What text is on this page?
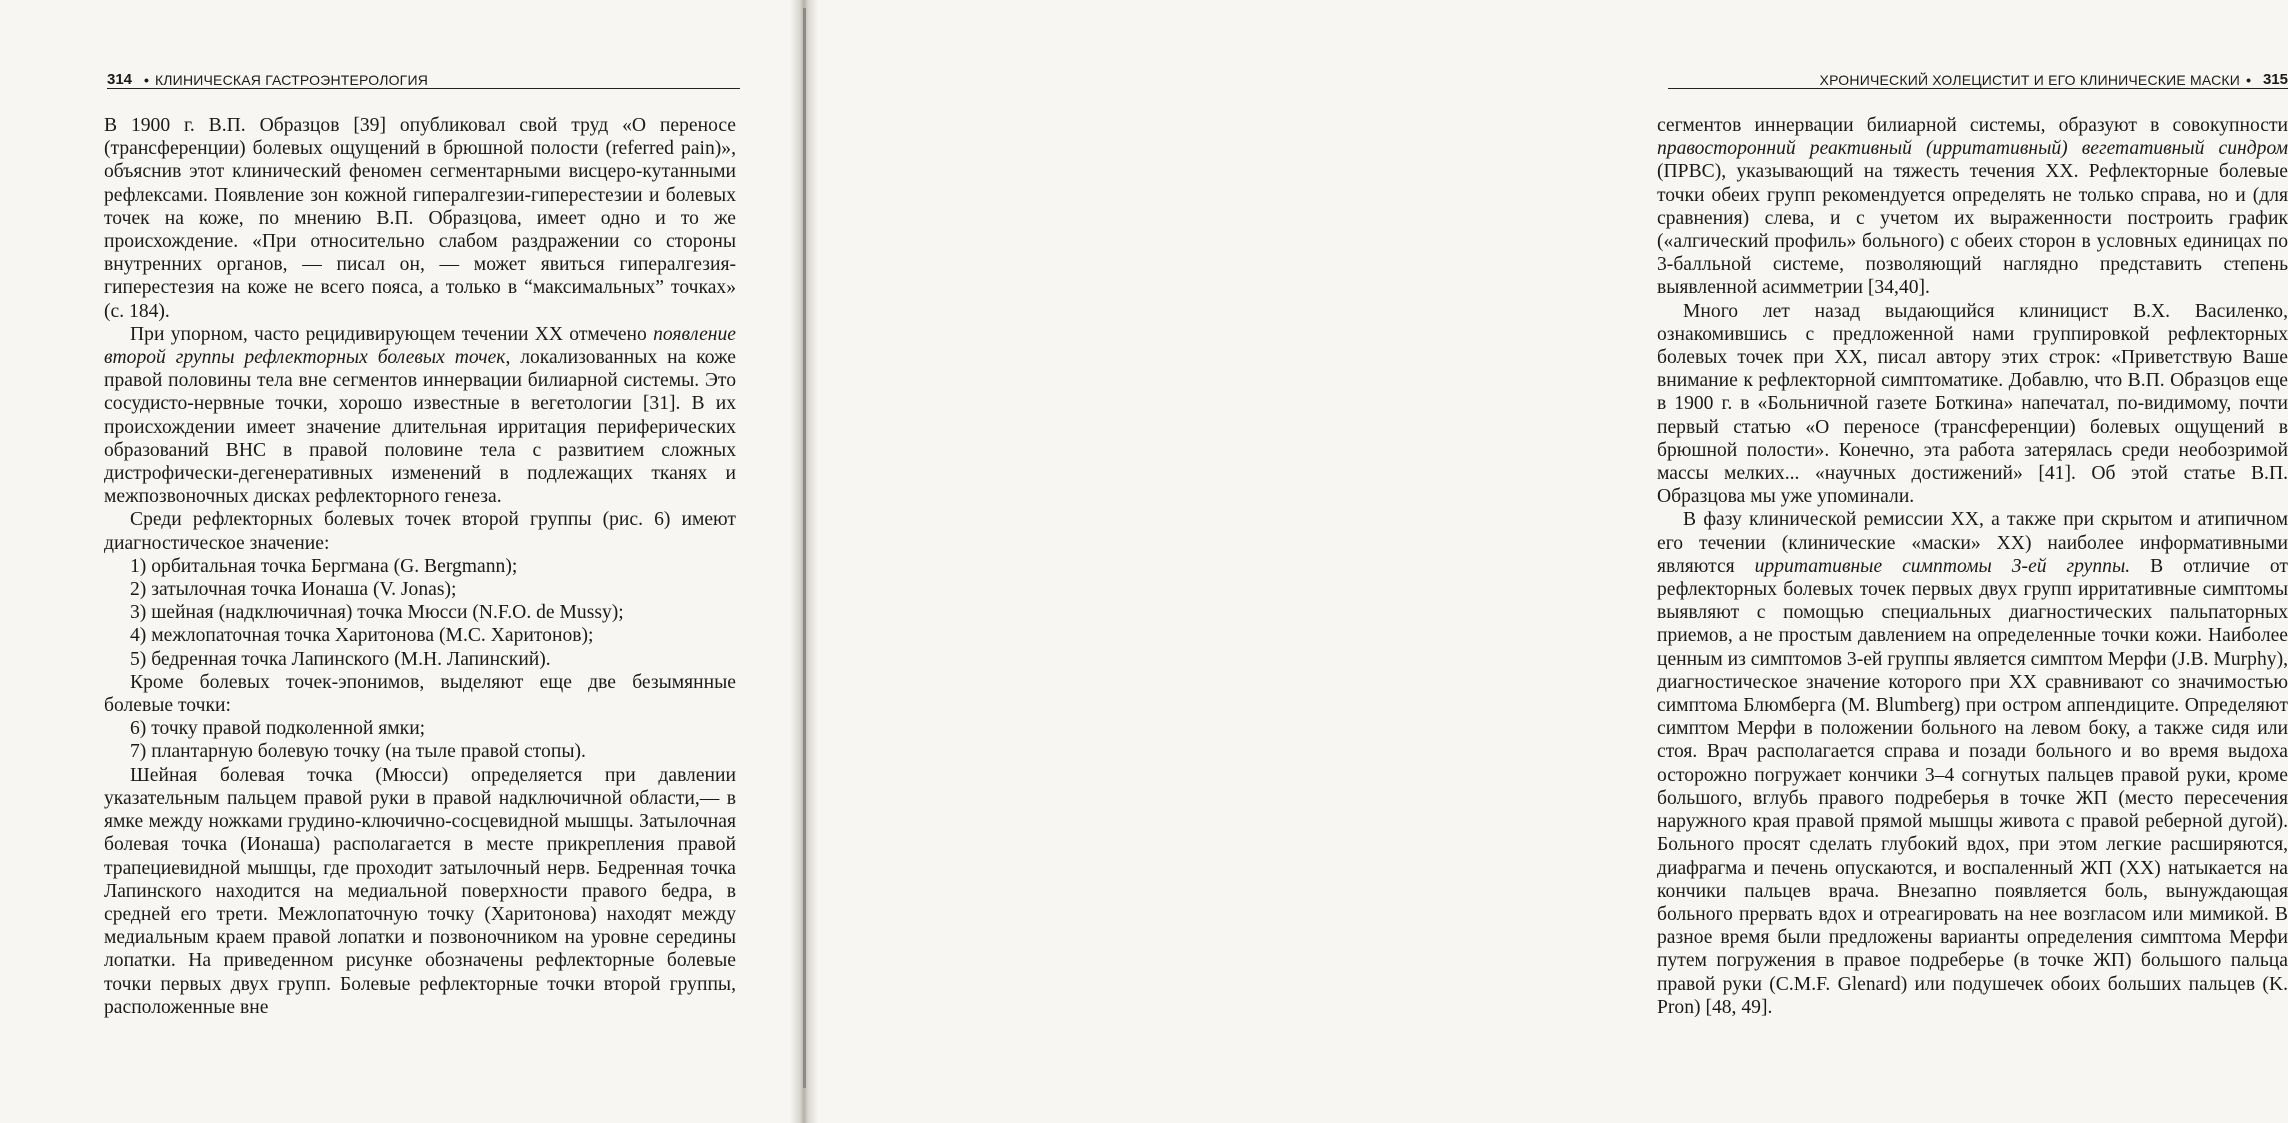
314 • КЛИНИЧЕСКАЯ ГАСТРОЭНТЕРОЛОГИЯ

В 1900 г. В.П. Образцов [39] опубликовал свой труд «О переносе (трансференции) болевых ощущений в брюшной полости (referred pain)», объяснив этот клинический феномен сегментарными висцеро-кутанными рефлексами. Появление зон кожной гипералгезии-гиперестезии и болевых точек на коже, по мнению В.П. Образцова, имеет одно и то же происхождение. «При относительно слабом раздражении со стороны внутренних органов, — писал он, — может явиться гипералгезия-гиперестезия на коже не всего пояса, а только в “максимальных” точках» (с. 184).

При упорном, часто рецидивирующем течении ХХ отмечено появление второй группы рефлекторных болевых точек, локализованных на коже правой половины тела вне сегментов иннервации билиарной системы. Это сосудисто-нервные точки, хорошо известные в вегетологии [31]. В их происхождении имеет значение длительная ирритация периферических образований ВНС в правой половине тела с развитием сложных дистрофически-дегенеративных изменений в подлежащих тканях и межпозвоночных дисках рефлекторного генеза.

Среди рефлекторных болевых точек второй группы (рис. 6) имеют диагностическое значение:

1) орбитальная точка Бергмана (G. Bergmann);

2) затылочная точка Ионаша (V. Jonas);

3) шейная (надключичная) точка Мюсси (N.F.O. de Mussy);

4) межлопаточная точка Харитонова (М.С. Харитонов);

5) бедренная точка Лапинского (М.Н. Лапинский).

Кроме болевых точек-эпонимов, выделяют еще две безымянные болевые точки:

6) точку правой подколенной ямки;

7) плантарную болевую точку (на тыле правой стопы).

Шейная болевая точка (Мюсси) определяется при давлении указательным пальцем правой руки в правой надключичной области,— в ямке между ножками грудино-ключично-сосцевидной мышцы. Затылочная болевая точка (Ионаша) располагается в месте прикрепления правой трапециевидной мышцы, где проходит затылочный нерв. Бедренная точка Лапинского находится на медиальной поверхности правого бедра, в средней его трети. Межлопаточную точку (Харитонова) находят между медиальным краем правой лопатки и позвоночником на уровне середины лопатки. На приведенном рисунке обозначены рефлекторные болевые точки первых двух групп. Болевые рефлекторные точки второй группы, расположенные вне

ХРОНИЧЕСКИЙ ХОЛЕЦИСТИТ И ЕГО КЛИНИЧЕСКИЕ МАСКИ • 315

сегментов иннервации билиарной системы, образуют в совокупности правосторонний реактивный (ирритативный) вегетативный синдром (ПРВС), указывающий на тяжесть течения ХХ. Рефлекторные болевые точки обеих групп рекомендуется определять не только справа, но и (для сравнения) слева, и с учетом их выраженности построить график («алгический профиль» больного) с обеих сторон в условных единицах по 3-балльной системе, позволяющий наглядно представить степень выявленной асимметрии [34,40].

Много лет назад выдающийся клиницист В.Х. Василенко, ознакомившись с предложенной нами группировкой рефлекторных болевых точек при ХХ, писал автору этих строк: «Приветствую Ваше внимание к рефлекторной симптоматике. Добавлю, что В.П. Образцов еще в 1900 г. в «Больничной газете Боткина» напечатал, по-видимому, почти первый статью «О переносе (трансференции) болевых ощущений в брюшной полости». Конечно, эта работа затерялась среди необозримой массы мелких... «научных достижений» [41]. Об этой статье В.П. Образцова мы уже упоминали.

В фазу клинической ремиссии ХХ, а также при скрытом и атипичном его течении (клинические «маски» ХХ) наиболее информативными являются ирритативные симптомы 3-ей группы. В отличие от рефлекторных болевых точек первых двух групп ирритативные симптомы выявляют с помощью специальных диагностических пальпаторных приемов, а не простым давлением на определенные точки кожи. Наиболее ценным из симптомов 3-ей группы является симптом Мерфи (J.B. Murphy), диагностическое значение которого при ХХ сравнивают со значимостью симптома Блюмберга (M. Blumberg) при остром аппендиците. Определяют симптом Мерфи в положении больного на левом боку, а также сидя или стоя. Врач располагается справа и позади больного и во время выдоха осторожно погружает кончики 3–4 согнутых пальцев правой руки, кроме большого, вглубь правого подреберья в точке ЖП (место пересечения наружного края правой прямой мышцы живота с правой реберной дугой). Больного просят сделать глубокий вдох, при этом легкие расширяются, диафрагма и печень опускаются, и воспаленный ЖП (ХХ) натыкается на кончики пальцев врача. Внезапно появляется боль, вынуждающая больного прервать вдох и отреагировать на нее возгласом или мимикой. В разное время были предложены варианты определения симптома Мерфи путем погружения в правое подреберье (в точке ЖП) большого пальца правой руки (C.M.F. Glenard) или подушечек обоих больших пальцев (K. Pron) [48, 49].
